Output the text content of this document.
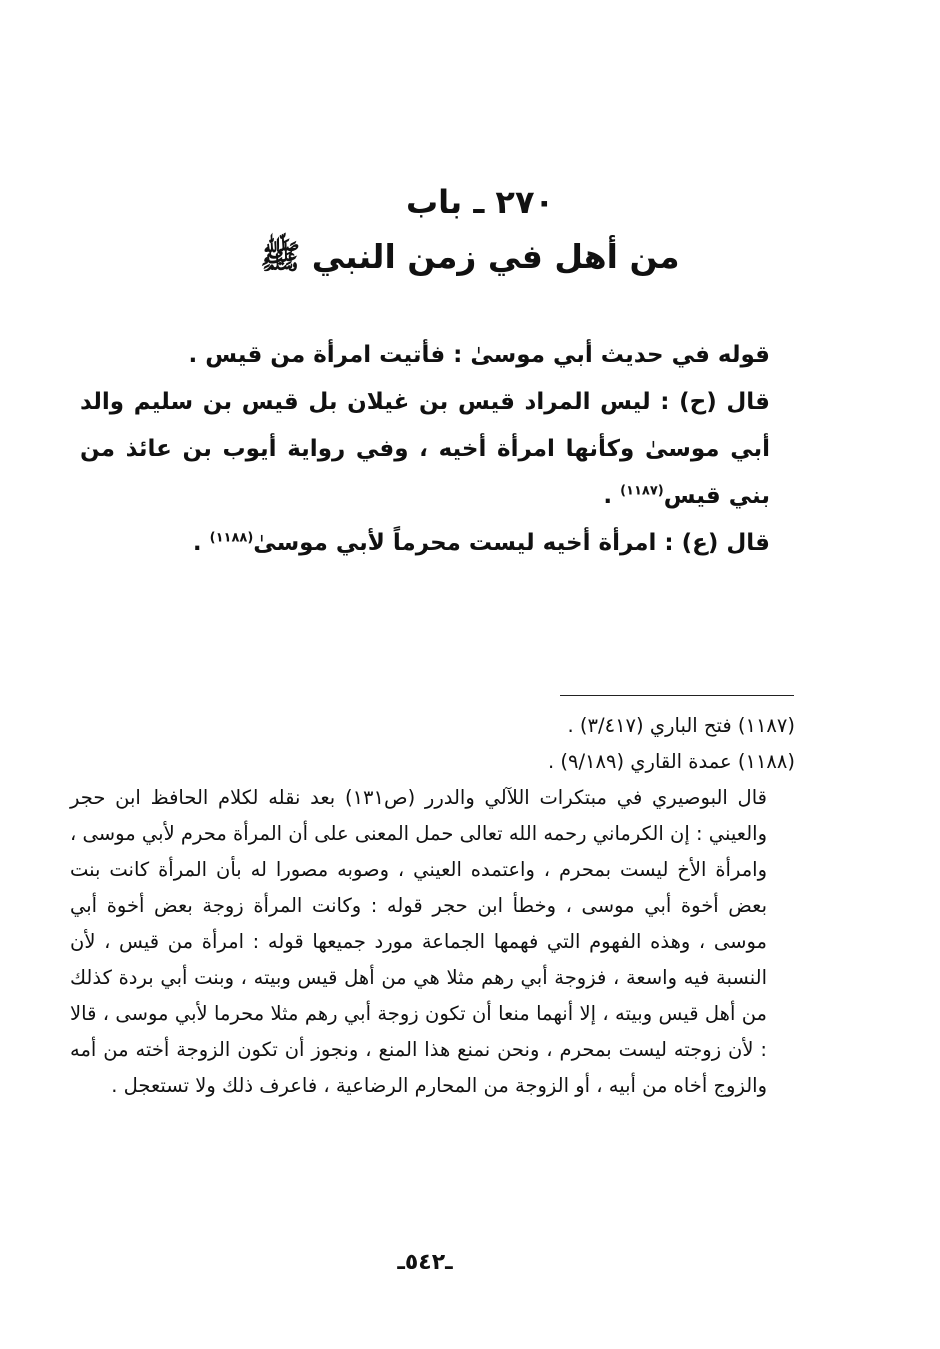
٢٧٠ ـ باب
من أهل في زمن النبي ﷺ

قوله في حديث أبي موسىٰ : فأتيت امرأة من قيس .

قال (ح) : ليس المراد قيس بن غيلان بل قيس بن سليم والد أبي موسىٰ وكأنها امرأة أخيه ، وفي رواية أيوب بن عائذ من بني قيس$^{(١١٨٧)}$ .

قال (ع) : امرأة أخيه ليست محرماً لأبي موسىٰ$^{(١١٨٨)}$ .

(١١٨٧) فتح الباري (٣/٤١٧) .

(١١٨٨) عمدة القاري (٩/١٨٩) .

قال البوصيري في مبتكرات اللآلي والدرر (ص١٣١) بعد نقله لكلام الحافظ ابن حجر والعيني : إن الكرماني رحمه الله تعالى حمل المعنى على أن المرأة محرم لأبي موسى ، وامرأة الأخ ليست بمحرم ، واعتمده العيني ، وصوبه مصورا له بأن المرأة كانت بنت بعض أخوة أبي موسى ، وخطأ ابن حجر قوله : وكانت المرأة زوجة بعض أخوة أبي موسى ، وهذه الفهوم التي فهمها الجماعة مورد جميعها قوله : امرأة من قيس ، لأن النسبة فيه واسعة ، فزوجة أبي رهم مثلا هي من أهل قيس وبيته ، وبنت أبي بردة كذلك من أهل قيس وبيته ، إلا أنهما منعا أن تكون زوجة أبي رهم مثلا محرما لأبي موسى ، قالا : لأن زوجته ليست بمحرم ، ونحن نمنع هذا المنع ، ونجوز أن تكون الزوجة أخته من أمه والزوج أخاه من أبيه ، أو الزوجة من المحارم الرضاعية ، فاعرف ذلك ولا تستعجل .

ـ٥٤٢ـ
